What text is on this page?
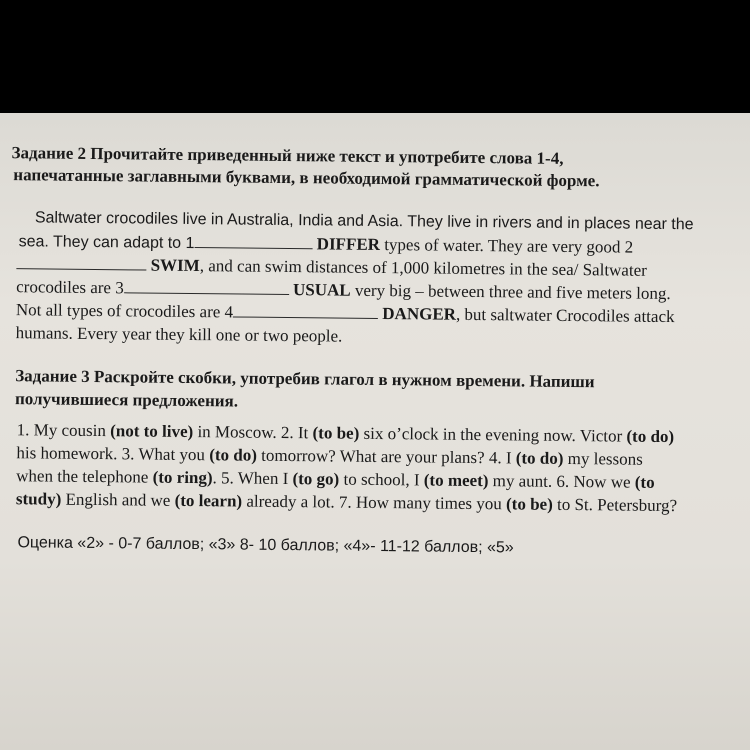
Задание 2 Прочитайте приведенный ниже текст и употребите слова 1-4,
напечатанные заглавными буквами, в необходимой грамматической форме.
Saltwater crocodiles live in Australia, India and Asia. They live in rivers and in places near the
sea. They can adapt to 1	DIFFER types of water. They are very good 2
SWIM, and can swim distances of 1,000 kilometres in the sea/ Saltwater
crocodiles are 3	USUAL very big – between three and five meters long.
Not all types of crocodiles are 4	DANGER, but saltwater Crocodiles attack
humans. Every year they kill one or two people.
Задание 3 Раскройте скобки, употребив глагол в нужном времени. Напиши
получившиеся предложения.
1. My cousin (not to live) in Moscow. 2. It (to be) six o’clock in the evening now. Victor (to do)
his homework. 3. What you (to do) tomorrow? What are your plans? 4. I (to do) my lessons
when the telephone (to ring). 5. When I (to go) to school, I (to meet) my aunt. 6. Now we (to
study) English and we (to learn) already a lot. 7. How many times you (to be) to St. Petersburg?
Оценка «2» - 0-7 баллов; «3» 8- 10 баллов; «4»- 11-12 баллов; «5»
